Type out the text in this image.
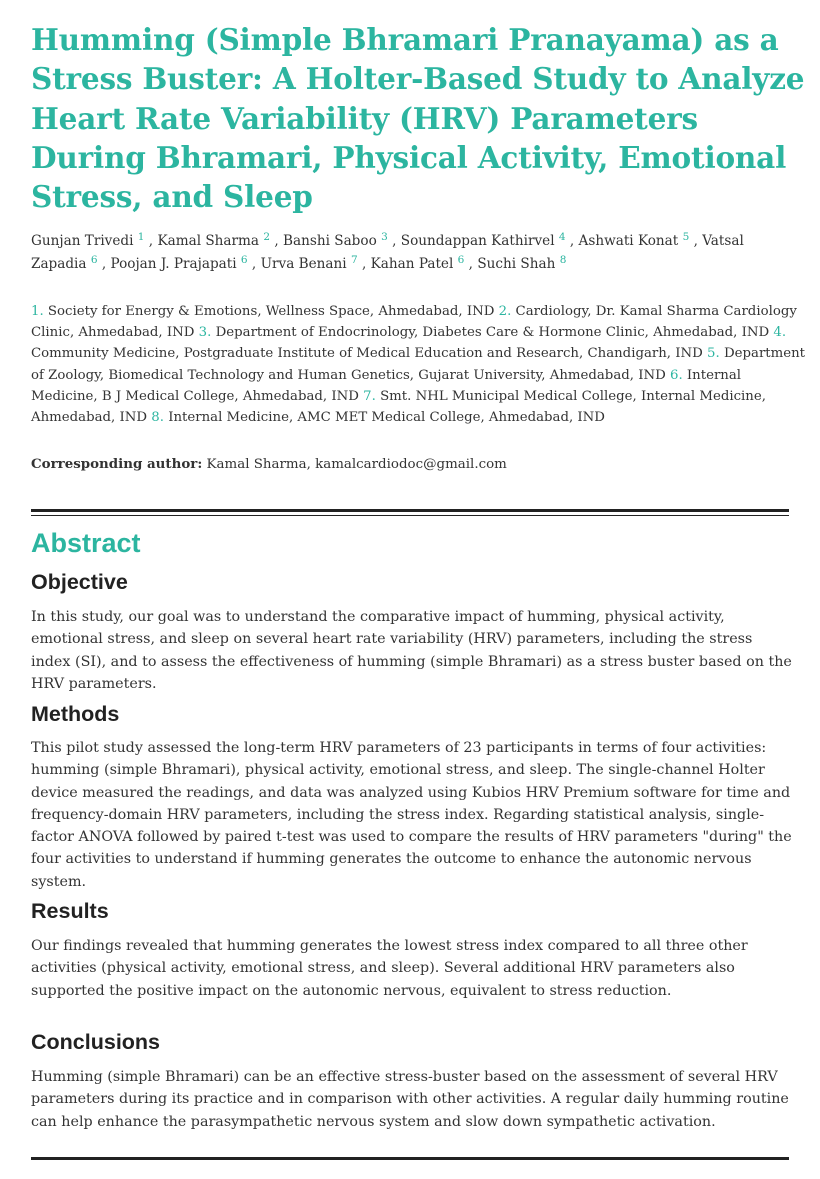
Humming (Simple Bhramari Pranayama) as a Stress Buster: A Holter-Based Study to Analyze Heart Rate Variability (HRV) Parameters During Bhramari, Physical Activity, Emotional Stress, and Sleep
Gunjan Trivedi $^1$ , Kamal Sharma $^2$ , Banshi Saboo $^3$ , Soundappan Kathirvel $^4$ , Ashwati Konat $^5$ , Vatsal Zapadia $^6$ , Poojan J. Prajapati $^6$ , Urva Benani $^7$ , Kahan Patel $^6$ , Suchi Shah $^8$
1. Society for Energy & Emotions, Wellness Space, Ahmedabad, IND 2. Cardiology, Dr. Kamal Sharma Cardiology Clinic, Ahmedabad, IND 3. Department of Endocrinology, Diabetes Care & Hormone Clinic, Ahmedabad, IND 4. Community Medicine, Postgraduate Institute of Medical Education and Research, Chandigarh, IND 5. Department of Zoology, Biomedical Technology and Human Genetics, Gujarat University, Ahmedabad, IND 6. Internal Medicine, B J Medical College, Ahmedabad, IND 7. Smt. NHL Municipal Medical College, Internal Medicine, Ahmedabad, IND 8. Internal Medicine, AMC MET Medical College, Ahmedabad, IND
Corresponding author: Kamal Sharma, kamalcardiodoc@gmail.com
Abstract
Objective

In this study, our goal was to understand the comparative impact of humming, physical activity, emotional stress, and sleep on several heart rate variability (HRV) parameters, including the stress index (SI), and to assess the effectiveness of humming (simple Bhramari) as a stress buster based on the HRV parameters.

Methods

This pilot study assessed the long-term HRV parameters of 23 participants in terms of four activities: humming (simple Bhramari), physical activity, emotional stress, and sleep. The single-channel Holter device measured the readings, and data was analyzed using Kubios HRV Premium software for time and frequency-domain HRV parameters, including the stress index. Regarding statistical analysis, single-factor ANOVA followed by paired t-test was used to compare the results of HRV parameters "during" the four activities to understand if humming generates the outcome to enhance the autonomic nervous system.

Results

Our findings revealed that humming generates the lowest stress index compared to all three other activities (physical activity, emotional stress, and sleep). Several additional HRV parameters also supported the positive impact on the autonomic nervous, equivalent to stress reduction.

Conclusions

Humming (simple Bhramari) can be an effective stress-buster based on the assessment of several HRV parameters during its practice and in comparison with other activities. A regular daily humming routine can help enhance the parasympathetic nervous system and slow down sympathetic activation.
